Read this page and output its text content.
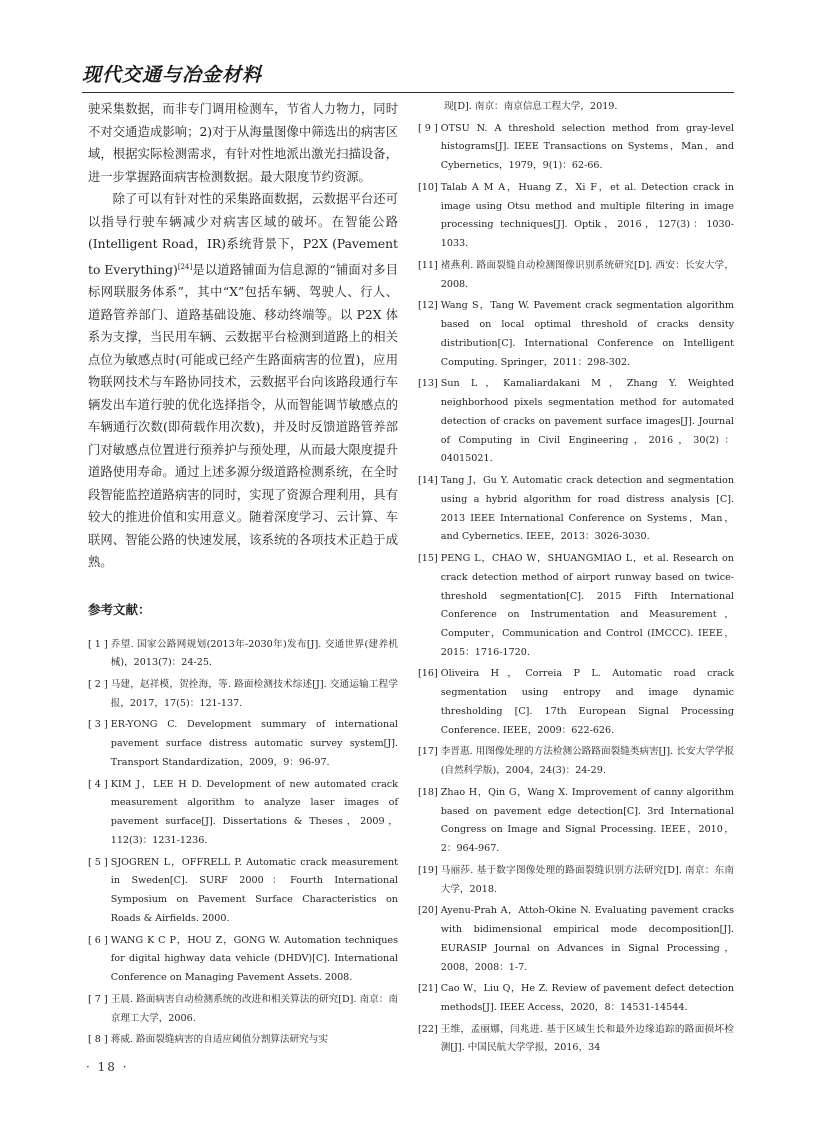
现代交通与冶金材料

驶采集数据，而非专门调用检测车，节省人力物力，同时不对交通造成影响；2)对于从海量图像中筛选出的病害区域，根据实际检测需求，有针对性地派出激光扫描设备，进一步掌握路面病害检测数据。最大限度节约资源。

除了可以有针对性的采集路面数据，云数据平台还可以指导行驶车辆减少对病害区域的破坏。在智能公路(Intelligent Road，IR)系统背景下，P2X (Pavement to Everything)[24]是以道路铺面为信息源的“铺面对多目标网联服务体系”，其中“X”包括车辆、驾驶人、行人、道路管养部门、道路基础设施、移动终端等。以 P2X 体系为支撑，当民用车辆、云数据平台检测到道路上的相关点位为敏感点时(可能或已经产生路面病害的位置)，应用物联网技术与车路协同技术，云数据平台向该路段通行车辆发出车道行驶的优化选择指令，从而智能调节敏感点的车辆通行次数(即荷载作用次数)，并及时反馈道路管养部门对敏感点位置进行预养护与预处理，从而最大限度提升道路使用寿命。通过上述多源分级道路检测系统，在全时段智能监控道路病害的同时，实现了资源合理利用，具有较大的推进价值和实用意义。随着深度学习、云计算、车联网、智能公路的快速发展，该系统的各项技术正趋于成熟。

参考文献：
[ 1 ] 乔望. 国家公路网规划(2013年-2030年)发布[J]. 交通世界(建养机械)，2013(7)：24-25.
[ 2 ] 马建，赵祥模，贺拴海，等. 路面检测技术综述[J]. 交通运输工程学报，2017，17(5)：121-137.
[ 3 ] ER-YONG C. Development summary of international pavement surface distress automatic survey system[J]. Transport Standardization，2009，9：96-97.
[ 4 ] KIM J，LEE H D. Development of new automated crack measurement algorithm to analyze laser images of pavement surface[J]. Dissertations & Theses，2009，112(3)：1231-1236.
[ 5 ] SJOGREN L，OFFRELL P. Automatic crack measurement in Sweden[C]. SURF 2000：Fourth International Symposium on Pavement Surface Characteristics on Roads & Airfields. 2000.
[ 6 ] WANG K C P，HOU Z，GONG W. Automation techniques for digital highway data vehicle (DHDV)[C]. International Conference on Managing Pavement Assets. 2008.
[ 7 ] 王晨. 路面病害自动检测系统的改进和相关算法的研究[D]. 南京：南京理工大学，2006.
[ 8 ] 蒋威. 路面裂缝病害的自适应阈值分割算法研究与实
现[D]. 南京：南京信息工程大学，2019.
[ 9 ] OTSU N. A threshold selection method from gray-level histograms[J]. IEEE Transactions on Systems，Man，and Cybernetics，1979，9(1)：62-66.
[10] Talab A M A，Huang Z，Xi F，et al. Detection crack in image using Otsu method and multiple filtering in image processing techniques[J]. Optik，2016，127(3)：1030-1033.
[11] 褚燕利. 路面裂缝自动检测图像识别系统研究[D]. 西安：长安大学，2008.
[12] Wang S，Tang W. Pavement crack segmentation algorithm based on local optimal threshold of cracks density distribution[C]. International Conference on Intelligent Computing. Springer，2011：298-302.
[13] Sun L，Kamaliardakani M，Zhang Y. Weighted neighborhood pixels segmentation method for automated detection of cracks on pavement surface images[J]. Journal of Computing in Civil Engineering，2016，30(2)：04015021.
[14] Tang J，Gu Y. Automatic crack detection and segmentation using a hybrid algorithm for road distress analysis [C]. 2013 IEEE International Conference on Systems，Man，and Cybernetics. IEEE，2013：3026-3030.
[15] PENG L，CHAO W，SHUANGMIAO L，et al. Research on crack detection method of airport runway based on twice-threshold segmentation[C]. 2015 Fifth International Conference on Instrumentation and Measurement，Computer，Communication and Control (IMCCC). IEEE，2015：1716-1720.
[16] Oliveira H，Correia P L. Automatic road crack segmentation using entropy and image dynamic thresholding [C]. 17th European Signal Processing Conference. IEEE，2009：622-626.
[17] 李晋惠. 用图像处理的方法检测公路路面裂缝类病害[J]. 长安大学学报(自然科学版)，2004，24(3)：24-29.
[18] Zhao H，Qin G，Wang X. Improvement of canny algorithm based on pavement edge detection[C]. 3rd International Congress on Image and Signal Processing. IEEE，2010，2：964-967.
[19] 马丽莎. 基于数字图像处理的路面裂缝识别方法研究[D]. 南京：东南大学，2018.
[20] Ayenu-Prah A，Attoh-Okine N. Evaluating pavement cracks with bidimensional empirical mode decomposition[J]. EURASIP Journal on Advances in Signal Processing，2008，2008：1-7.
[21] Cao W，Liu Q，He Z. Review of pavement defect detection methods[J]. IEEE Access，2020，8：14531-14544.
[22] 王维，孟丽娜，闫兆进. 基于区域生长和最外边缘追踪的路面损坏检测[J]. 中国民航大学学报，2016，34
· 18 ·
